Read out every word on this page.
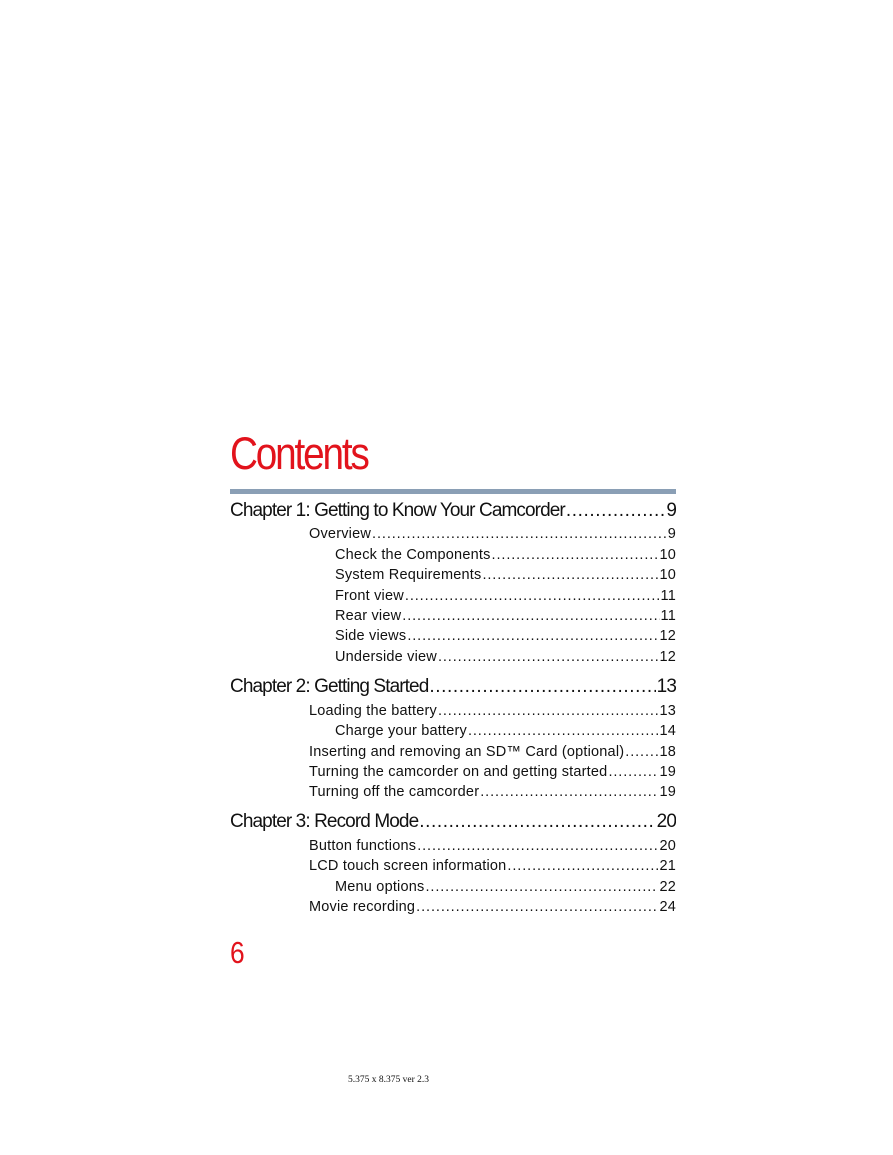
Contents
Chapter 1: Getting to Know Your Camcorder .....	9
Overview .....	9
Check the Components .....	10
System Requirements .....	10
Front view .....	11
Rear view .....	11
Side views .....	12
Underside view .....	12
Chapter 2: Getting Started .....	13
Loading the battery .....	13
Charge your battery .....	14
Inserting and removing an SD™ Card (optional) ..... 18
Turning the camcorder on and getting started .....	19
Turning off the camcorder .....	19
Chapter 3: Record Mode .....	20
Button functions .....	20
LCD touch screen information .....	21
Menu options .....	22
Movie recording .....	24
6
5.375 x 8.375 ver 2.3
